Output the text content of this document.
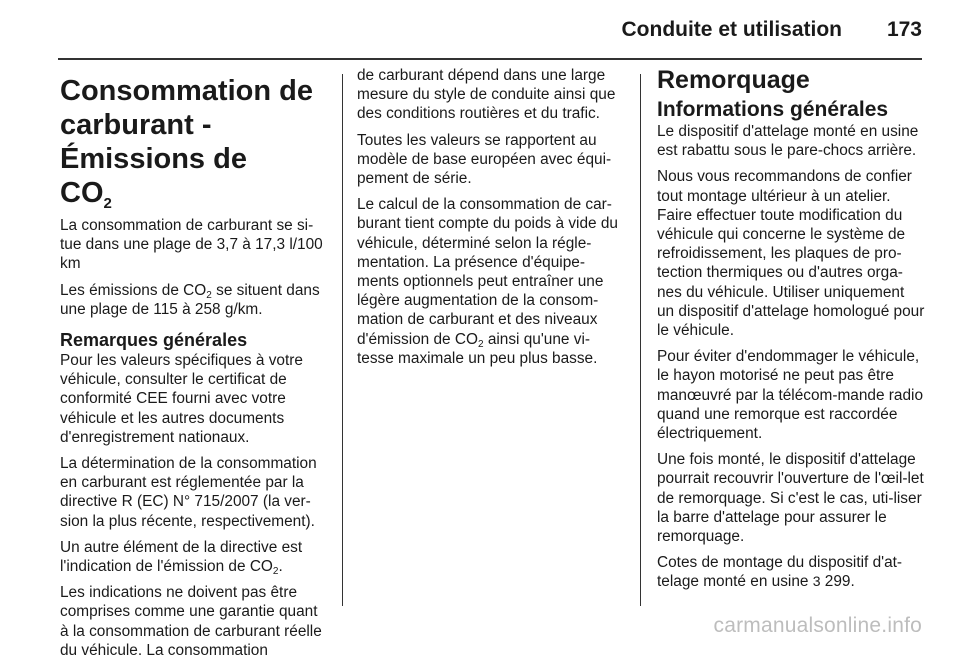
Conduite et utilisation 173
Consommation de
carburant - Émissions de
$CO_2$

La consommation de carburant se si-tue dans une plage de 3,7 à 17,3 l/100 km

Les émissions de $CO_2$ se situent dans une plage de 115 à 258 g/km.

Remarques générales

Pour les valeurs spécifiques à votre véhicule, consulter le certificat de conformité CEE fourni avec votre véhicule et les autres documents d'enregistrement nationaux.

La détermination de la consommation en carburant est réglementée par la directive R (EC) N° 715/2007 (la ver-sion la plus récente, respectivement).

Un autre élément de la directive est l'indication de l'émission de $CO_2$.

Les indications ne doivent pas être comprises comme une garantie quant à la consommation de carburant réelle du véhicule. La consommation

de carburant dépend dans une large mesure du style de conduite ainsi que des conditions routières et du trafic.

Toutes les valeurs se rapportent au modèle de base européen avec équi-pement de série.

Le calcul de la consommation de car-burant tient compte du poids à vide du véhicule, déterminé selon la régle-mentation. La présence d'équipe-ments optionnels peut entraîner une légère augmentation de la consom-mation de carburant et des niveaux d'émission de $CO_2$ ainsi qu'une vi-tesse maximale un peu plus basse.

Remorquage
Informations générales

Le dispositif d'attelage monté en usine est rabattu sous le pare-chocs arrière.

Nous vous recommandons de confier tout montage ultérieur à un atelier. Faire effectuer toute modification du véhicule qui concerne le système de refroidissement, les plaques de pro-tection thermiques ou d'autres orga-nes du véhicule. Utiliser uniquement un dispositif d'attelage homologué pour le véhicule.

Pour éviter d'endommager le véhicule, le hayon motorisé ne peut pas être manœuvré par la télécom-mande radio quand une remorque est raccordée électriquement.

Une fois monté, le dispositif d'attelage pourrait recouvrir l'ouverture de l'œil-let de remorquage. Si c'est le cas, uti-liser la barre d'attelage pour assurer le remorquage.

Cotes de montage du dispositif d'at-telage monté en usine 3 299.

carmanualsonline.info
